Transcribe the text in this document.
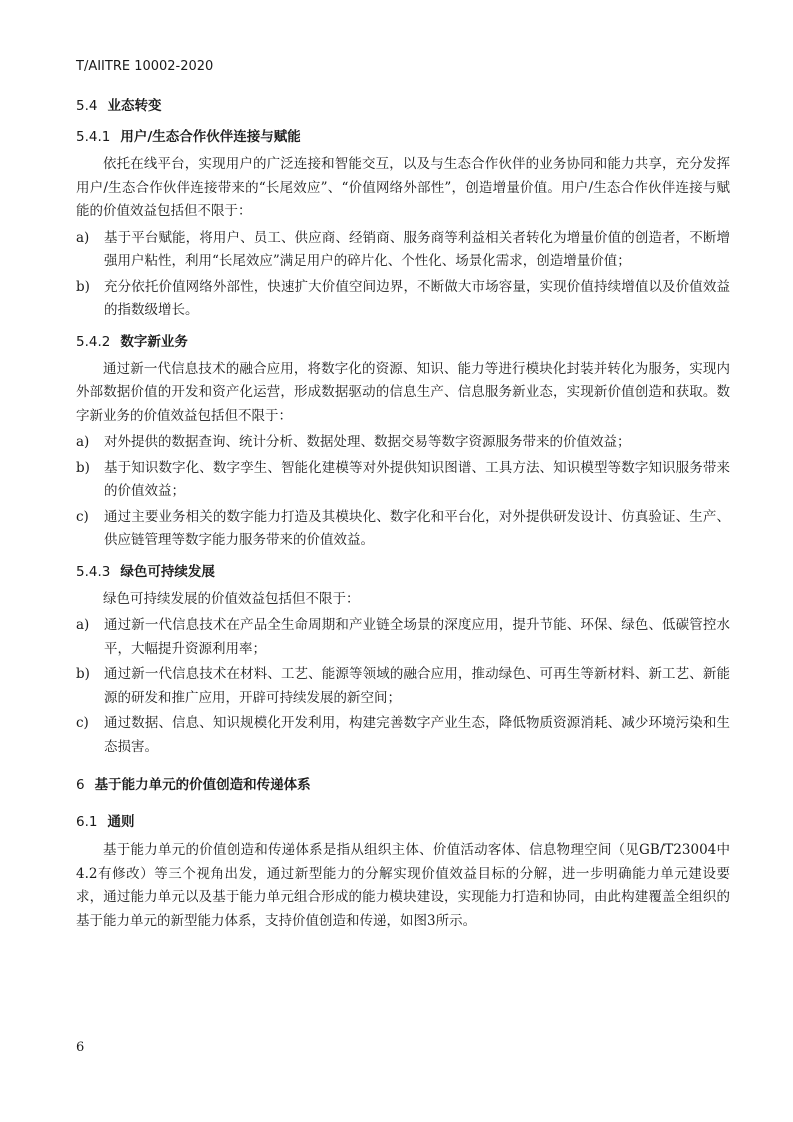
T/AIITRE 10002-2020
5.4 业态转变
5.4.1 用户/生态合作伙伴连接与赋能

依托在线平台，实现用户的广泛连接和智能交互，以及与生态合作伙伴的业务协同和能力共享，充分发挥用户/生态合作伙伴连接带来的“长尾效应”、“价值网络外部性”，创造增量价值。用户/生态合作伙伴连接与赋能的价值效益包括但不限于：

a) 基于平台赋能，将用户、员工、供应商、经销商、服务商等利益相关者转化为增量价值的创造者，不断增强用户粘性，利用“长尾效应”满足用户的碎片化、个性化、场景化需求，创造增量价值；
b) 充分依托价值网络外部性，快速扩大价值空间边界，不断做大市场容量，实现价值持续增值以及价值效益的指数级增长。
5.4.2 数字新业务

通过新一代信息技术的融合应用，将数字化的资源、知识、能力等进行模块化封装并转化为服务，实现内外部数据价值的开发和资产化运营，形成数据驱动的信息生产、信息服务新业态，实现新价值创造和获取。数字新业务的价值效益包括但不限于：

a) 对外提供的数据查询、统计分析、数据处理、数据交易等数字资源服务带来的价值效益；
b) 基于知识数字化、数字孪生、智能化建模等对外提供知识图谱、工具方法、知识模型等数字知识服务带来的价值效益；
c) 通过主要业务相关的数字能力打造及其模块化、数字化和平台化，对外提供研发设计、仿真验证、生产、供应链管理等数字能力服务带来的价值效益。
5.4.3 绿色可持续发展

绿色可持续发展的价值效益包括但不限于：

a) 通过新一代信息技术在产品全生命周期和产业链全场景的深度应用，提升节能、环保、绿色、低碳管控水平，大幅提升资源利用率；
b) 通过新一代信息技术在材料、工艺、能源等领域的融合应用，推动绿色、可再生等新材料、新工艺、新能源的研发和推广应用，开辟可持续发展的新空间；
c) 通过数据、信息、知识规模化开发利用，构建完善数字产业生态，降低物质资源消耗、减少环境污染和生态损害。
6 基于能力单元的价值创造和传递体系
6.1 通则

基于能力单元的价值创造和传递体系是指从组织主体、价值活动客体、信息物理空间（见GB/T23004中4.2有修改）等三个视角出发，通过新型能力的分解实现价值效益目标的分解，进一步明确能力单元建设要求，通过能力单元以及基于能力单元组合形成的能力模块建设，实现能力打造和协同，由此构建覆盖全组织的基于能力单元的新型能力体系，支持价值创造和传递，如图3所示。

6
